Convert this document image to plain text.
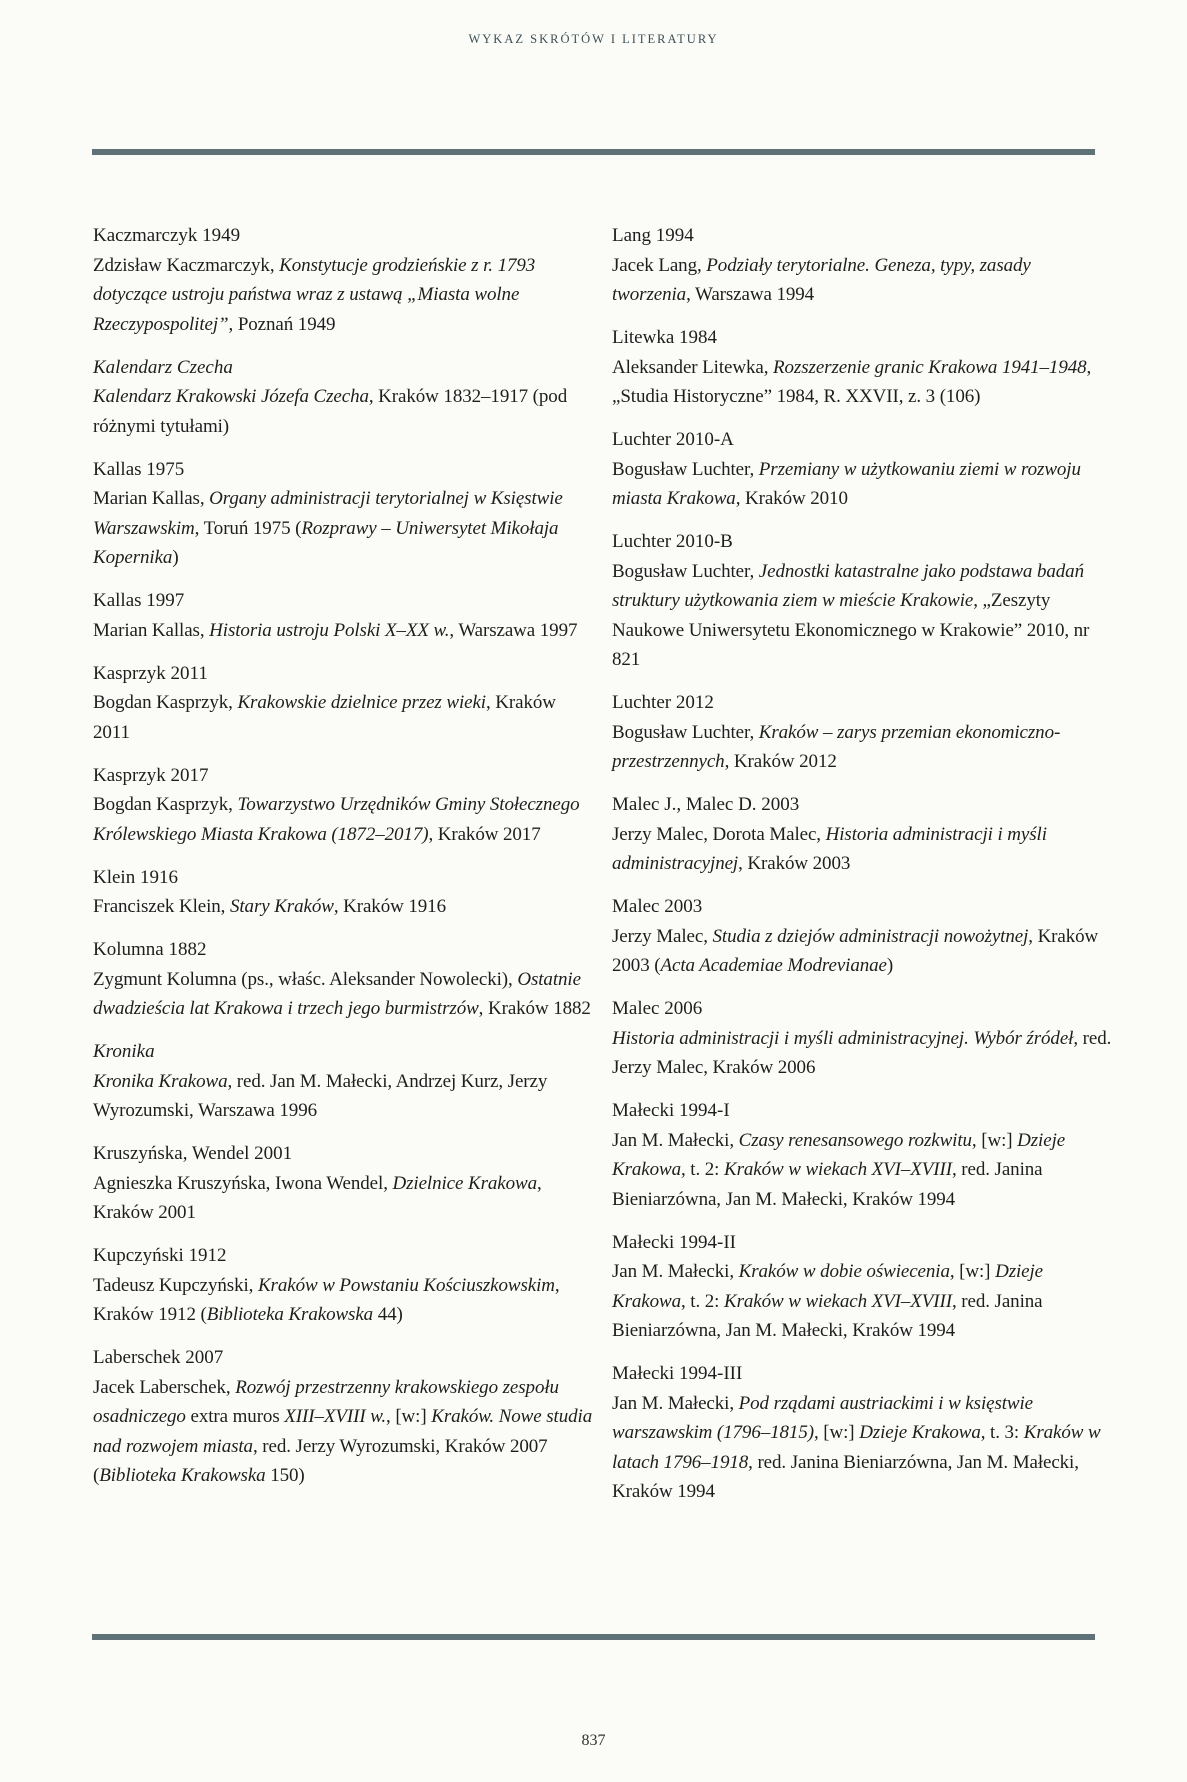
WYKAZ SKRÓTÓW I LITERATURY

Kaczmarczyk 1949

Zdzisław Kaczmarczyk, Konstytucje grodzieńskie z r. 1793 dotyczące ustroju państwa wraz z ustawą „Miasta wolne Rzeczypospolitej”, Poznań 1949

Kalendarz Czecha

Kalendarz Krakowski Józefa Czecha, Kraków 1832–1917 (pod różnymi tytułami)

Kallas 1975

Marian Kallas, Organy administracji terytorialnej w Księstwie Warszawskim, Toruń 1975 (Rozprawy – Uniwersytet Mikołaja Kopernika)

Kallas 1997

Marian Kallas, Historia ustroju Polski X–XX w., Warszawa 1997

Kasprzyk 2011

Bogdan Kasprzyk, Krakowskie dzielnice przez wieki, Kraków 2011

Kasprzyk 2017

Bogdan Kasprzyk, Towarzystwo Urzędników Gminy Stołecznego Królewskiego Miasta Krakowa (1872–2017), Kraków 2017

Klein 1916

Franciszek Klein, Stary Kraków, Kraków 1916

Kolumna 1882

Zygmunt Kolumna (ps., właśc. Aleksander Nowolecki), Ostatnie dwadzieścia lat Krakowa i trzech jego burmistrzów, Kraków 1882

Kronika

Kronika Krakowa, red. Jan M. Małecki, Andrzej Kurz, Jerzy Wyrozumski, Warszawa 1996

Kruszyńska, Wendel 2001

Agnieszka Kruszyńska, Iwona Wendel, Dzielnice Krakowa, Kraków 2001

Kupczyński 1912

Tadeusz Kupczyński, Kraków w Powstaniu Kościuszkowskim, Kraków 1912 (Biblioteka Krakowska 44)

Laberschek 2007

Jacek Laberschek, Rozwój przestrzenny krakowskiego zespołu osadniczego extra muros XIII–XVIII w., [w:] Kraków. Nowe studia nad rozwojem miasta, red. Jerzy Wyrozumski, Kraków 2007 (Biblioteka Krakowska 150)

Lang 1994

Jacek Lang, Podziały terytorialne. Geneza, typy, zasady tworzenia, Warszawa 1994

Litewka 1984

Aleksander Litewka, Rozszerzenie granic Krakowa 1941–1948, „Studia Historyczne” 1984, R. XXVII, z. 3 (106)

Luchter 2010-A

Bogusław Luchter, Przemiany w użytkowaniu ziemi w rozwoju miasta Krakowa, Kraków 2010

Luchter 2010-B

Bogusław Luchter, Jednostki katastralne jako podstawa badań struktury użytkowania ziem w mieście Krakowie, „Zeszyty Naukowe Uniwersytetu Ekonomicznego w Krakowie” 2010, nr 821

Luchter 2012

Bogusław Luchter, Kraków – zarys przemian ekonomiczno-przestrzennych, Kraków 2012

Malec J., Malec D. 2003

Jerzy Malec, Dorota Malec, Historia administracji i myśli administracyjnej, Kraków 2003

Malec 2003

Jerzy Malec, Studia z dziejów administracji nowożytnej, Kraków 2003 (Acta Academiae Modrevianae)

Malec 2006

Historia administracji i myśli administracyjnej. Wybór źródeł, red. Jerzy Malec, Kraków 2006

Małecki 1994-I

Jan M. Małecki, Czasy renesansowego rozkwitu, [w:] Dzieje Krakowa, t. 2: Kraków w wiekach XVI–XVIII, red. Janina Bieniarzówna, Jan M. Małecki, Kraków 1994

Małecki 1994-II

Jan M. Małecki, Kraków w dobie oświecenia, [w:] Dzieje Krakowa, t. 2: Kraków w wiekach XVI–XVIII, red. Janina Bieniarzówna, Jan M. Małecki, Kraków 1994

Małecki 1994-III

Jan M. Małecki, Pod rządami austriackimi i w księstwie warszawskim (1796–1815), [w:] Dzieje Krakowa, t. 3: Kraków w latach 1796–1918, red. Janina Bieniarzówna, Jan M. Małecki, Kraków 1994

837
